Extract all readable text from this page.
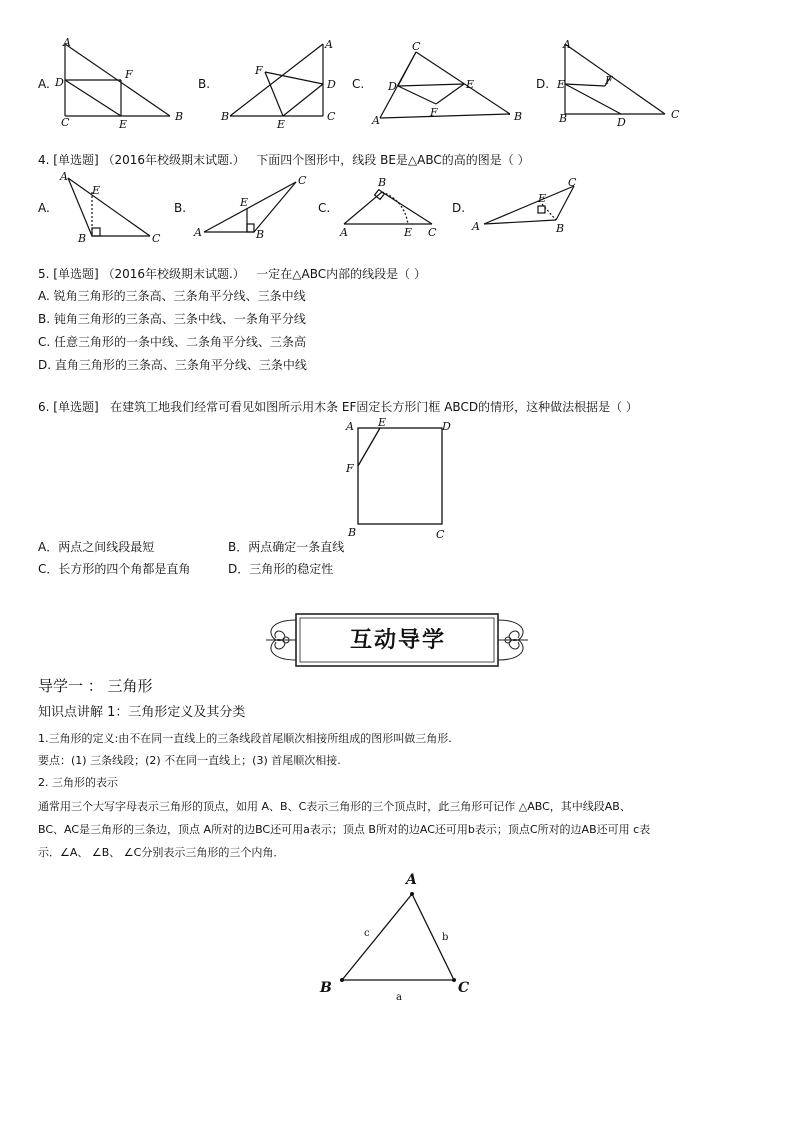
A.
A
D
F
C	E
B
B.
F
A
D
B
E
C
C.
C
D	E
A
F	B
D.
A
E	F
B	D
C
4. [单选题] （2016年校级期末试题.） 下面四个图形中，线段 BE是△ABC的高的图是（ ）
A.
A
E
B	C
B.
C
E
A	B
C.
B
A	E C
D.
C
E
A	B
5. [单选题] （2016年校级期末试题.） 一定在△ABC内部的线段是（ ）
A. 锐角三角形的三条高、三条角平分线、三条中线
B. 钝角三角形的三条高、三条中线、一条角平分线
C. 任意三角形的一条中线、二条角平分线、三条高
D. 直角三角形的三条高、三条角平分线、三条中线
6. [单选题] 在建筑工地我们经常可看见如图所示用木条 EF固定长方形门框 ABCD的情形，这种做法根据是（ ）
A E	D
F
B	C
A．两点之间线段最短	B．两点确定一条直线
C．长方形的四个角都是直角	D．三角形的稳定性
互动导学
导学一 ： 三角形
知识点讲解 1：三角形定义及其分类
1.三角形的定义:由不在同一直线上的三条线段首尾顺次相接所组成的图形叫做三角形.
要点：(1) 三条线段；(2) 不在同一直线上；(3) 首尾顺次相接.
2. 三角形的表示
通常用三个大写字母表示三角形的顶点，如用 A、B、C表示三角形的三个顶点时，此三角形可记作 △ABC，其中线段AB、
BC、AC是三角形的三条边，顶点 A所对的边BC还可用a表示；顶点 B所对的边AC还可用b表示；顶点C所对的边AB还可用 c表
示．∠A、 ∠B、 ∠C分别表示三角形的三个内角．
A
B	C
a
b
c
